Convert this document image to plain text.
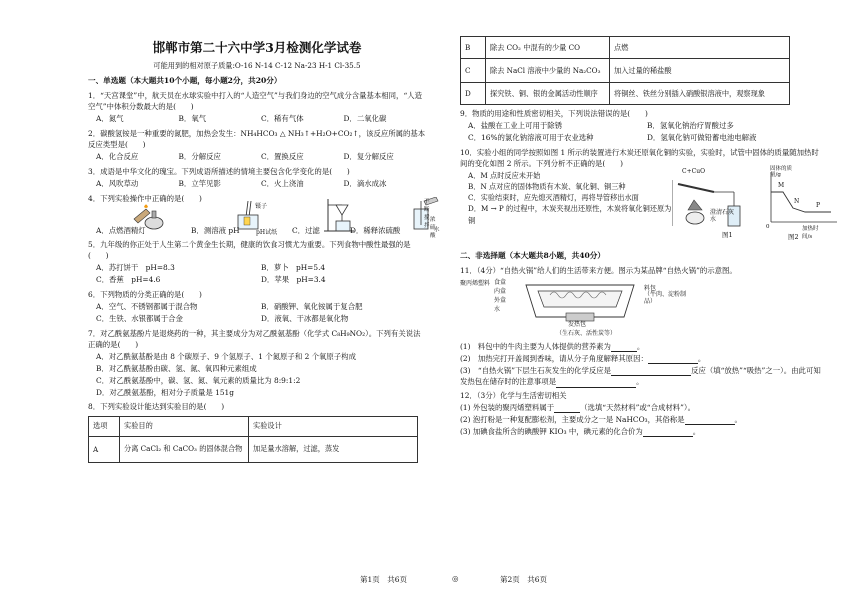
邯郸市第二十六中学3月检测化学试卷
可能用到的相对原子质量:O-16 N-14 C-12 Na-23 H-1 Cl-35.5
一、单选题（本大题共10个小题，每小题2分，共20分）

1．“天宫课堂”中，航天员在水球实验中打入的“人造空气”与我们身边的空气成分含量基本相同，“人造空气”中体积分数最大的是(　　)

A．氮气	B．氧气	C．稀有气体	D．二氧化碳

2．碳酸氢铵是一种重要的氮肥，加热会发生：NH₄HCO₃ △ NH₃↑+H₂O+CO₂↑，该反应所属的基本反应类型是(　　)

A．化合反应	B．分解反应	C．置换反应	D．复分解反应

3．成语是中华文化的瑰宝。下列成语所描述的情境主要包含化学变化的是(　　)

A．风吹草动	B．立竿见影	C．火上浇油	D．滴水成冰

4．下列实验操作中正确的是(　　)

A．点燃酒精灯
镊子
pH试纸
B．测溶液 pH	C．过滤	D．稀释浓硫酸
不断搅拌
浓硫酸
水

5．九年级的你正处于人生第二个黄金生长期，健康的饮食习惯尤为重要。下列食物中酸性最强的是(　　)

A．苏打饼干　pH=8.3	B．萝卜　pH=5.4
C．香蕉　pH=4.6	D．苹果　pH=3.4

6．下列物质的分类正确的是(　　)

A．空气、不锈钢都属于混合物	B．硝酸钾、氧化铵属于复合肥
C．生铁、水银都属于合金	D．液氧、干冰都是氧化物

7．对乙酰氨基酚片是退烧药的一种，其主要成分为对乙酰氨基酚（化学式 C₈H₉NO₂）。下列有关说法正确的是(　　)

A．对乙酰氨基酚是由 8 个碳原子、9 个氢原子、1 个氮原子和 2 个氧原子构成
B．对乙酰氨基酚由碳、氢、氮、氧四种元素组成
C．对乙酰氨基酚中，碳、氢、氮、氧元素的质量比为 8:9:1:2
D．对乙酰氨基酚，相对分子质量是 151g

8．下列实验设计能达到实验目的是(　　)

选项	实验目的	实验设计
A	分离 CaCl₂ 和 CaCO₃ 的固体混合物	加足量水溶解，过滤，蒸发
第1页　共6页	◎	第2页　共6页
B	除去 CO₂ 中混有的少量 CO	点燃
C	除去 NaCl 溶液中少量的 Na₂CO₃	加入过量的稀盐酸
D	探究铁、铜、银的金属活动性顺序	将铜丝、铁丝分别插入硝酸银溶液中，观察现象

9．物质的用途和性质密切相关，下列说法错误的是(　　)

A．盐酸在工业上可用于除锈	B．氢氧化钠治疗胃酸过多
C．16%的氯化钠溶液可用于农业选种	D．氢氧化钠可做铅蓄电池电解液

10．实验小组的同学按照如图 1 所示的装置进行木炭还原氧化铜的实验，实验时，试管中固体的质量随加热时间的变化如图 2 所示。下列分析不正确的是(　　)

A．M 点时反应未开始
B．N 点对应的固体物质有木炭、氧化铜、铜三种
C．实验结束时，应先熄灭酒精灯，再将导管移出水面
D．M → P 的过程中，木炭夹视出还原性，木炭将氧化铜还原为铜
C+CuO
澄清石灰水
图1
固体的质量/g
M
N
P
加热时间/s
0
图2
二、非选择题（本大题共8小题，共40分）

11．（4分）“自热火锅”给人们的生活带来方便。图示为某品牌“自热火锅”的示意图。

聚丙烯塑料 食盒
内盒
外盒
水
料包
（牛肉、淀粉制品）
发热包
（生石灰、活性炭等）
(1)　料包中的牛肉主要为人体提供的营养素为	。
(2)　加热完打开盖闻到香味，请从分子角度解释其原因：	。
(3)　“自热火锅”下层生石灰发生的化学反应是	反应（填“放热”“吸热”之一）。由此可知发热包在储存时的注意事项是	。

12．（3分）化学与生活密切相关

(1) 外包装的聚丙烯塑料属于	（选填“天然材料”或“合成材料”）。
(2) 泡打粉是一种复配膨松剂，主要成分之一是 NaHCO₃，其俗称是	。
(3) 加碘食盐所含的碘酸钾 KIO₃ 中，碘元素的化合价为	。
